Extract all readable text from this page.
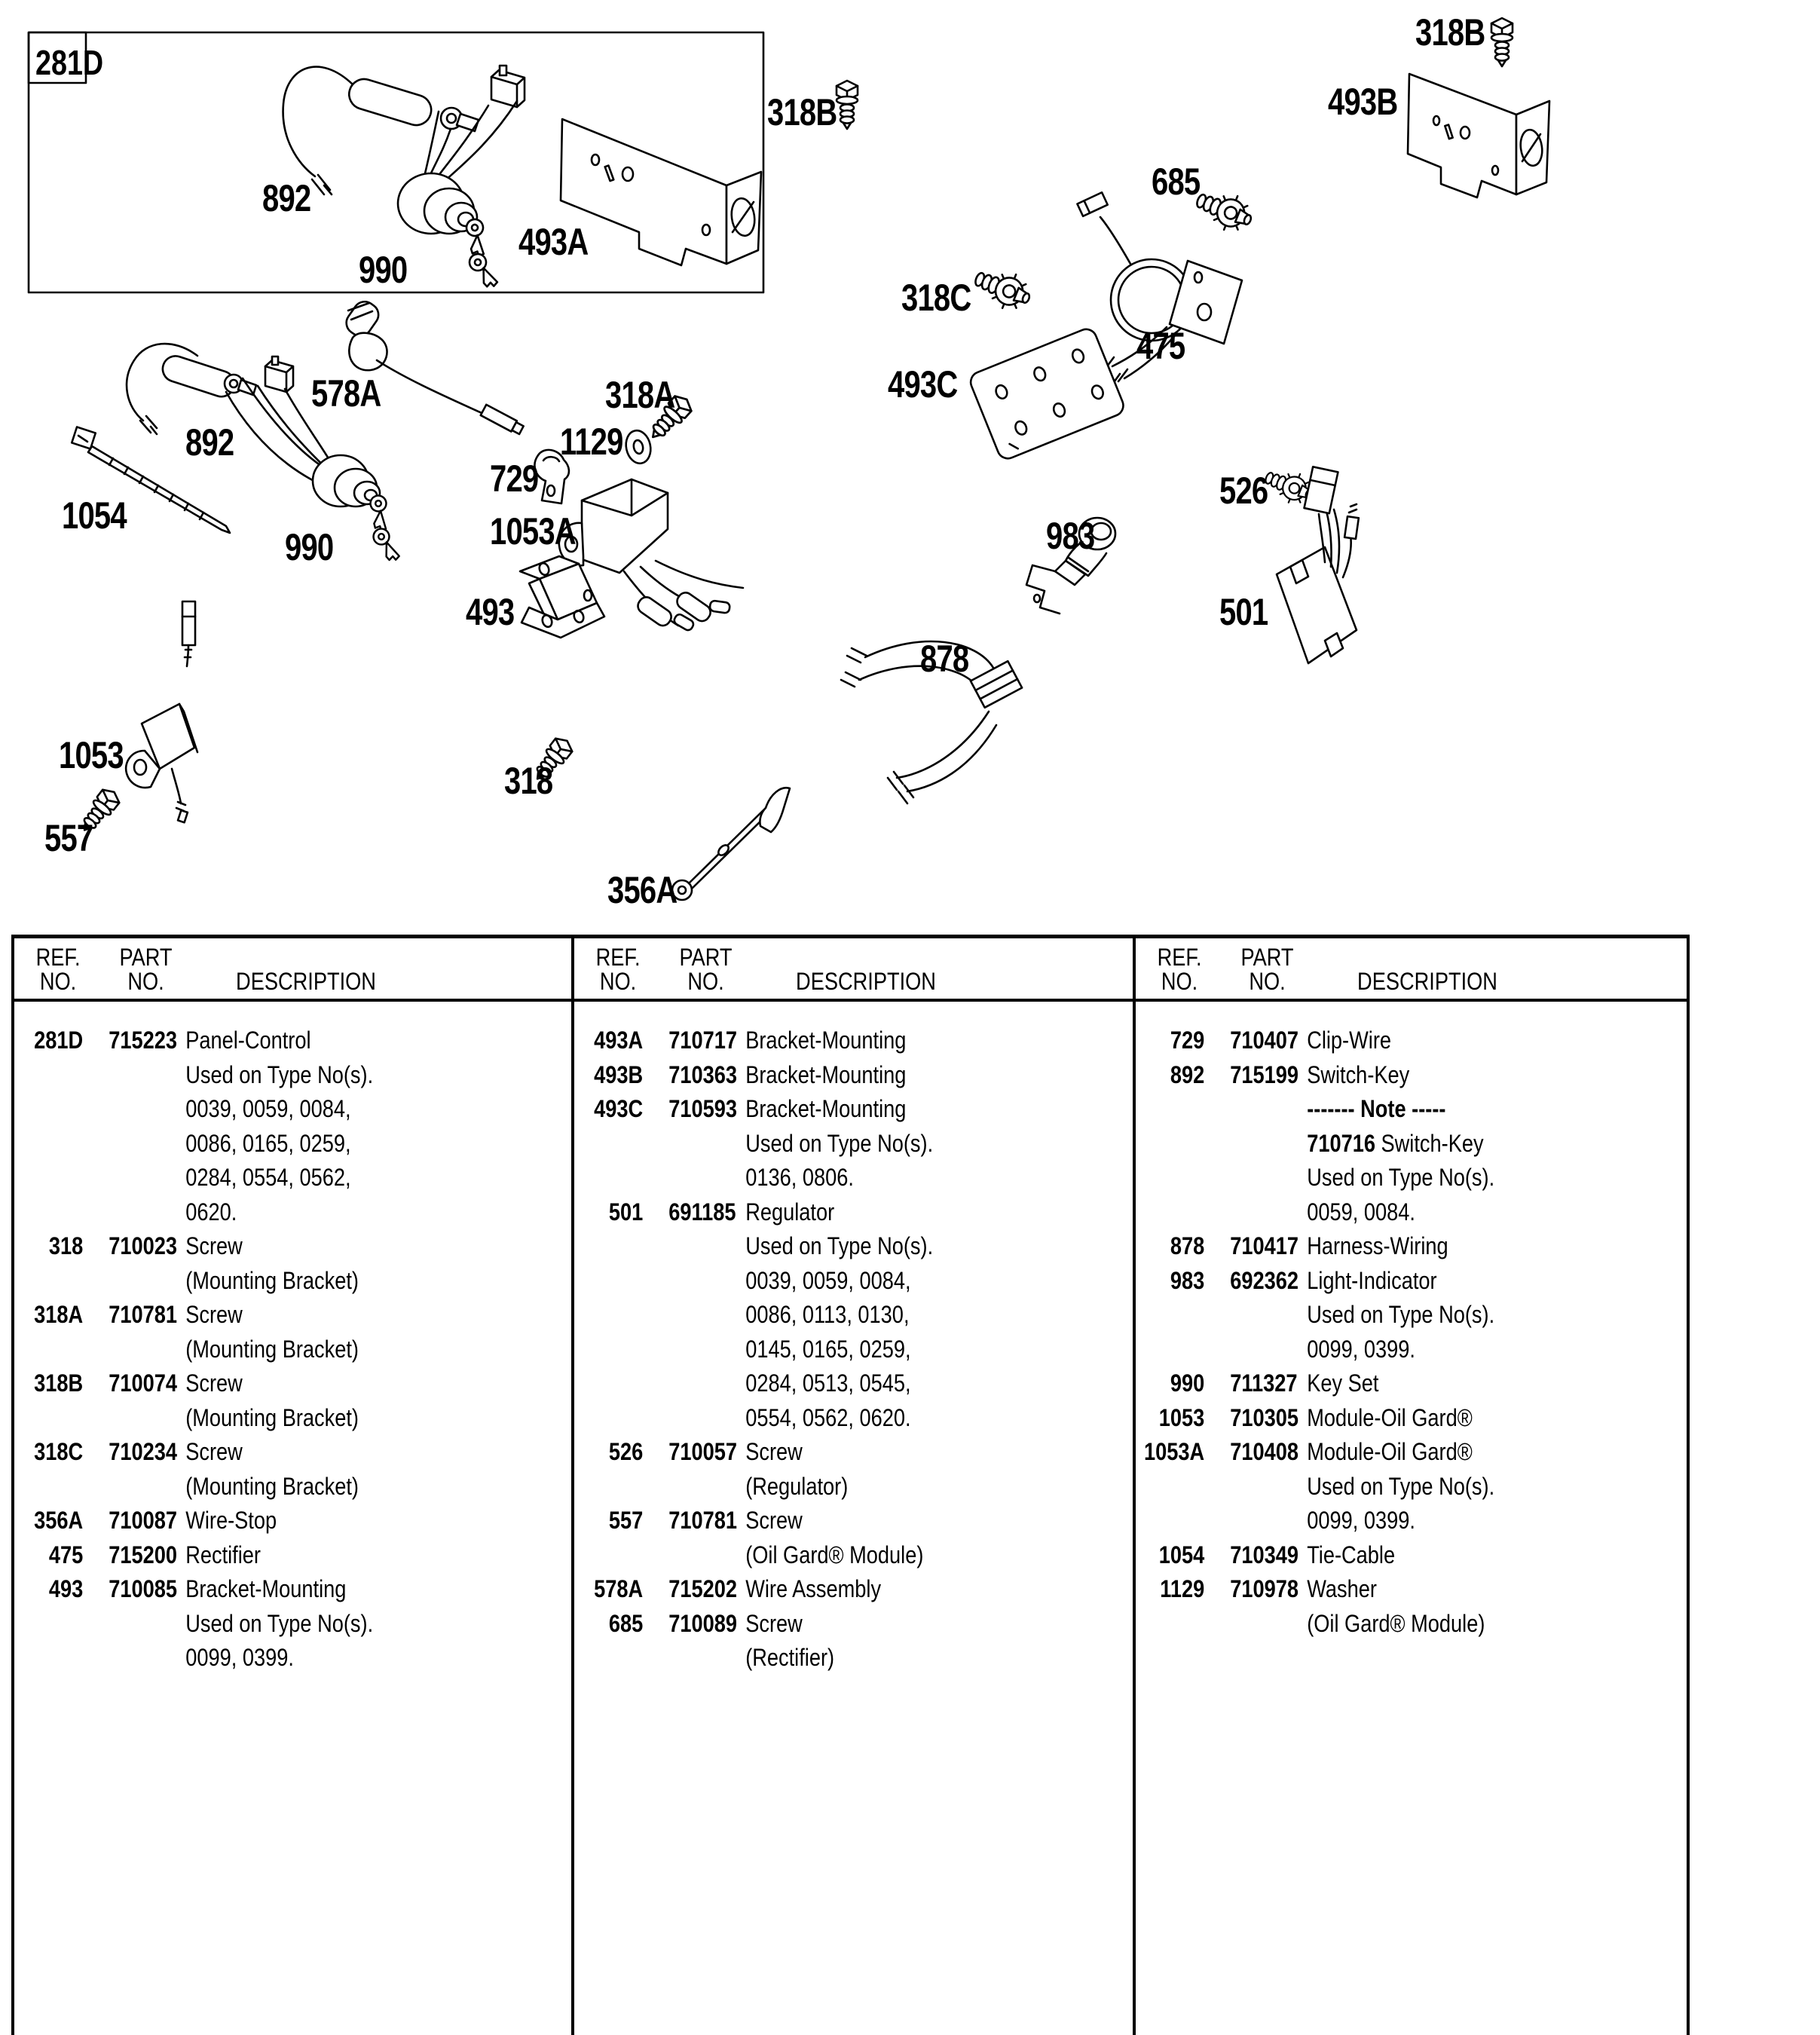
892
990
493A
318B
685
493B
318B
318C
475
493C
983
526
501
578A
892
1054
990
318A
1129
729
1053A
493
318
878
356A
1053
557
281D
REF.
NO.
PART
NO.	DESCRIPTION
281D 715223 Panel-Control
Used on Type No(s).
0039, 0059, 0084,
0086, 0165, 0259,
0284, 0554, 0562,
0620.
318 710023 Screw
(Mounting Bracket)
318A 710781 Screw
(Mounting Bracket)
318B 710074 Screw
(Mounting Bracket)
318C 710234 Screw
(Mounting Bracket)
356A 710087 Wire-Stop
475 715200 Rectifier
493 710085 Bracket-Mounting
Used on Type No(s).
0099, 0399.
REF.
NO.
PART
NO.	DESCRIPTION
493A 710717 Bracket-Mounting
493B 710363 Bracket-Mounting
493C 710593 Bracket-Mounting
Used on Type No(s).
0136, 0806.
501 691185 Regulator
Used on Type No(s).
0039, 0059, 0084,
0086, 0113, 0130,
0145, 0165, 0259,
0284, 0513, 0545,
0554, 0562, 0620.
526 710057 Screw
(Regulator)
557 710781 Screw
(Oil Gard® Module)
578A 715202 Wire Assembly
685 710089 Screw
(Rectifier)
REF.
NO.
PART
NO.	DESCRIPTION
729 710407 Clip-Wire
892 715199 Switch-Key
------- Note -----
710716 Switch-Key
Used on Type No(s).
0059, 0084.
878 710417 Harness-Wiring
983 692362 Light-Indicator
Used on Type No(s).
0099, 0399.
990 711327 Key Set
1053 710305 Module-Oil Gard®
1053A 710408 Module-Oil Gard®
Used on Type No(s).
0099, 0399.
1054 710349 Tie-Cable
1129 710978 Washer
(Oil Gard® Module)
